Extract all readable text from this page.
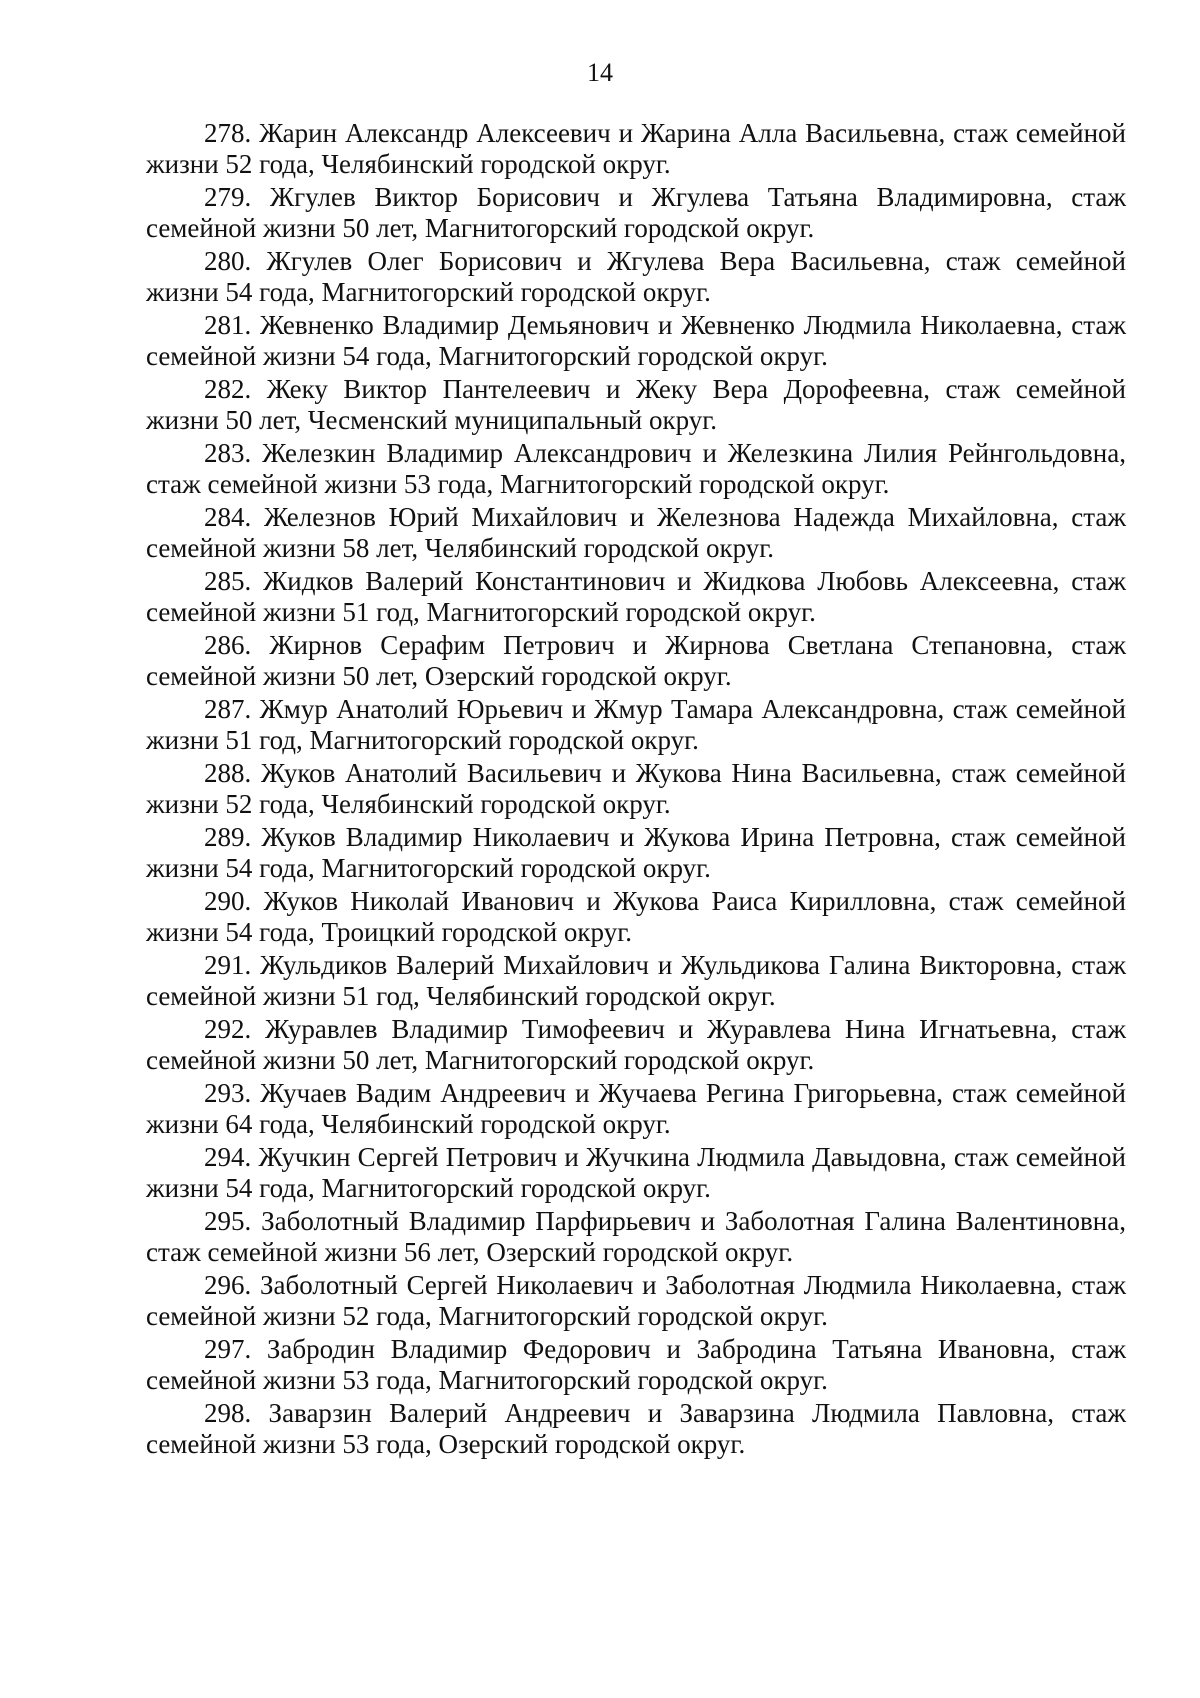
14
278. Жарин Александр Алексеевич и Жарина Алла Васильевна, стаж семейной жизни 52 года, Челябинский городской округ.
279. Жгулев Виктор Борисович и Жгулева Татьяна Владимировна, стаж семейной жизни 50 лет, Магнитогорский городской округ.
280. Жгулев Олег Борисович и Жгулева Вера Васильевна, стаж семейной жизни 54 года, Магнитогорский городской округ.
281. Жевненко Владимир Демьянович и Жевненко Людмила Николаевна, стаж семейной жизни 54 года, Магнитогорский городской округ.
282. Жеку Виктор Пантелеевич и Жеку Вера Дорофеевна, стаж семейной жизни 50 лет, Чесменский муниципальный округ.
283. Железкин Владимир Александрович и Железкина Лилия Рейнгольдовна, стаж семейной жизни 53 года, Магнитогорский городской округ.
284. Железнов Юрий Михайлович и Железнова Надежда Михайловна, стаж семейной жизни 58 лет, Челябинский городской округ.
285. Жидков Валерий Константинович и Жидкова Любовь Алексеевна, стаж семейной жизни 51 год, Магнитогорский городской округ.
286. Жирнов Серафим Петрович и Жирнова Светлана Степановна, стаж семейной жизни 50 лет, Озерский городской округ.
287. Жмур Анатолий Юрьевич и Жмур Тамара Александровна, стаж семейной жизни 51 год, Магнитогорский городской округ.
288. Жуков Анатолий Васильевич и Жукова Нина Васильевна, стаж семейной жизни 52 года, Челябинский городской округ.
289. Жуков Владимир Николаевич и Жукова Ирина Петровна, стаж семейной жизни 54 года, Магнитогорский городской округ.
290. Жуков Николай Иванович и Жукова Раиса Кирилловна, стаж семейной жизни 54 года, Троицкий городской округ.
291. Жульдиков Валерий Михайлович и Жульдикова Галина Викторовна, стаж семейной жизни 51 год, Челябинский городской округ.
292. Журавлев Владимир Тимофеевич и Журавлева Нина Игнатьевна, стаж семейной жизни 50 лет, Магнитогорский городской округ.
293. Жучаев Вадим Андреевич и Жучаева Регина Григорьевна, стаж семейной жизни 64 года, Челябинский городской округ.
294. Жучкин Сергей Петрович и Жучкина Людмила Давыдовна, стаж семейной жизни 54 года, Магнитогорский городской округ.
295. Заболотный Владимир Парфирьевич и Заболотная Галина Валентиновна, стаж семейной жизни 56 лет, Озерский городской округ.
296. Заболотный Сергей Николаевич и Заболотная Людмила Николаевна, стаж семейной жизни 52 года, Магнитогорский городской округ.
297. Забродин Владимир Федорович и Забродина Татьяна Ивановна, стаж семейной жизни 53 года, Магнитогорский городской округ.
298. Заварзин Валерий Андреевич и Заварзина Людмила Павловна, стаж семейной жизни 53 года, Озерский городской округ.
